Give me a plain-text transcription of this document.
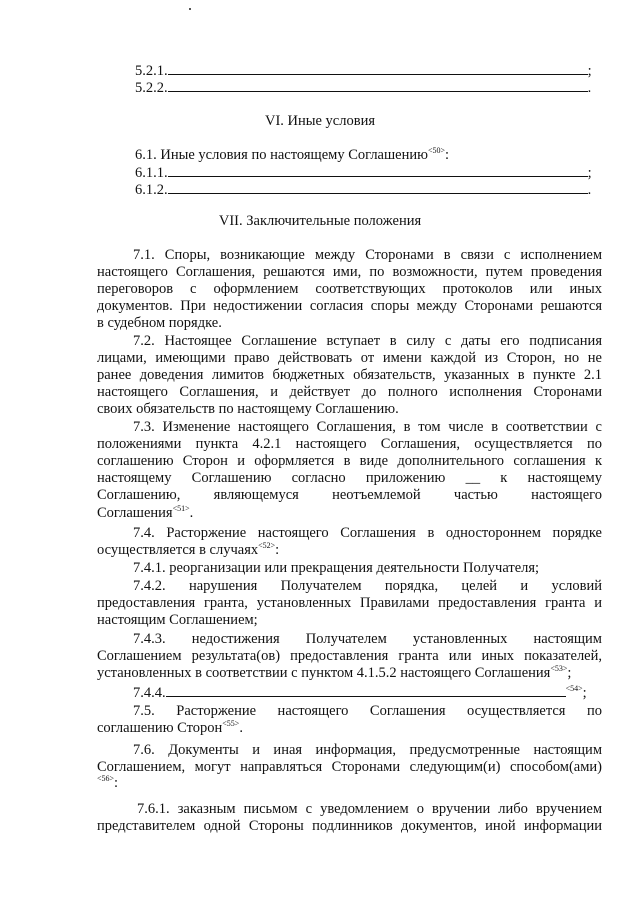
5.2.1.	;
5.2.2.	.
VI. Иные условия
6.1. Иные условия по настоящему Соглашению$^{<50>}$:
6.1.1.	;
6.1.2.	.
VII. Заключительные положения
7.1. Споры, возникающие между Сторонами в связи с исполнением
настоящего Соглашения, решаются ими, по возможности, путем проведения
переговоров с оформлением соответствующих протоколов или иных
документов. При недостижении согласия споры между Сторонами решаются
в судебном порядке.
7.2. Настоящее Соглашение вступает в силу с даты его подписания
лицами, имеющими право действовать от имени каждой из Сторон, но не
ранее доведения лимитов бюджетных обязательств, указанных в пункте 2.1
настоящего Соглашения, и действует до полного исполнения Сторонами
своих обязательств по настоящему Соглашению.
7.3. Изменение настоящего Соглашения, в том числе в соответствии с
положениями пункта 4.2.1 настоящего Соглашения, осуществляется по
соглашению Сторон и оформляется в виде дополнительного соглашения к
настоящему Соглашению согласно приложению __ к настоящему
Соглашению, являющемуся неотъемлемой частью настоящего
Соглашения$^{<51>}$.
7.4. Расторжение настоящего Соглашения в одностороннем порядке
осуществляется в случаях$^{<52>}$:
7.4.1. реорганизации или прекращения деятельности Получателя;
7.4.2. нарушения Получателем порядка, целей и условий
предоставления гранта, установленных Правилами предоставления гранта и
настоящим Соглашением;
7.4.3. недостижения Получателем установленных настоящим
Соглашением результата(ов) предоставления гранта или иных показателей,
установленных в соответствии с пунктом 4.1.5.2 настоящего Соглашения$^{<53>}$;
7.4.4.	$^{<54>}$;
7.5. Расторжение настоящего Соглашения осуществляется по
соглашению Сторон$^{<55>}$.
7.6. Документы и иная информация, предусмотренные настоящим
Соглашением, могут направляться Сторонами следующим(и) способом(ами)
$^{<56>}$:
7.6.1. заказным письмом с уведомлением о вручении либо вручением
представителем одной Стороны подлинников документов, иной информации
